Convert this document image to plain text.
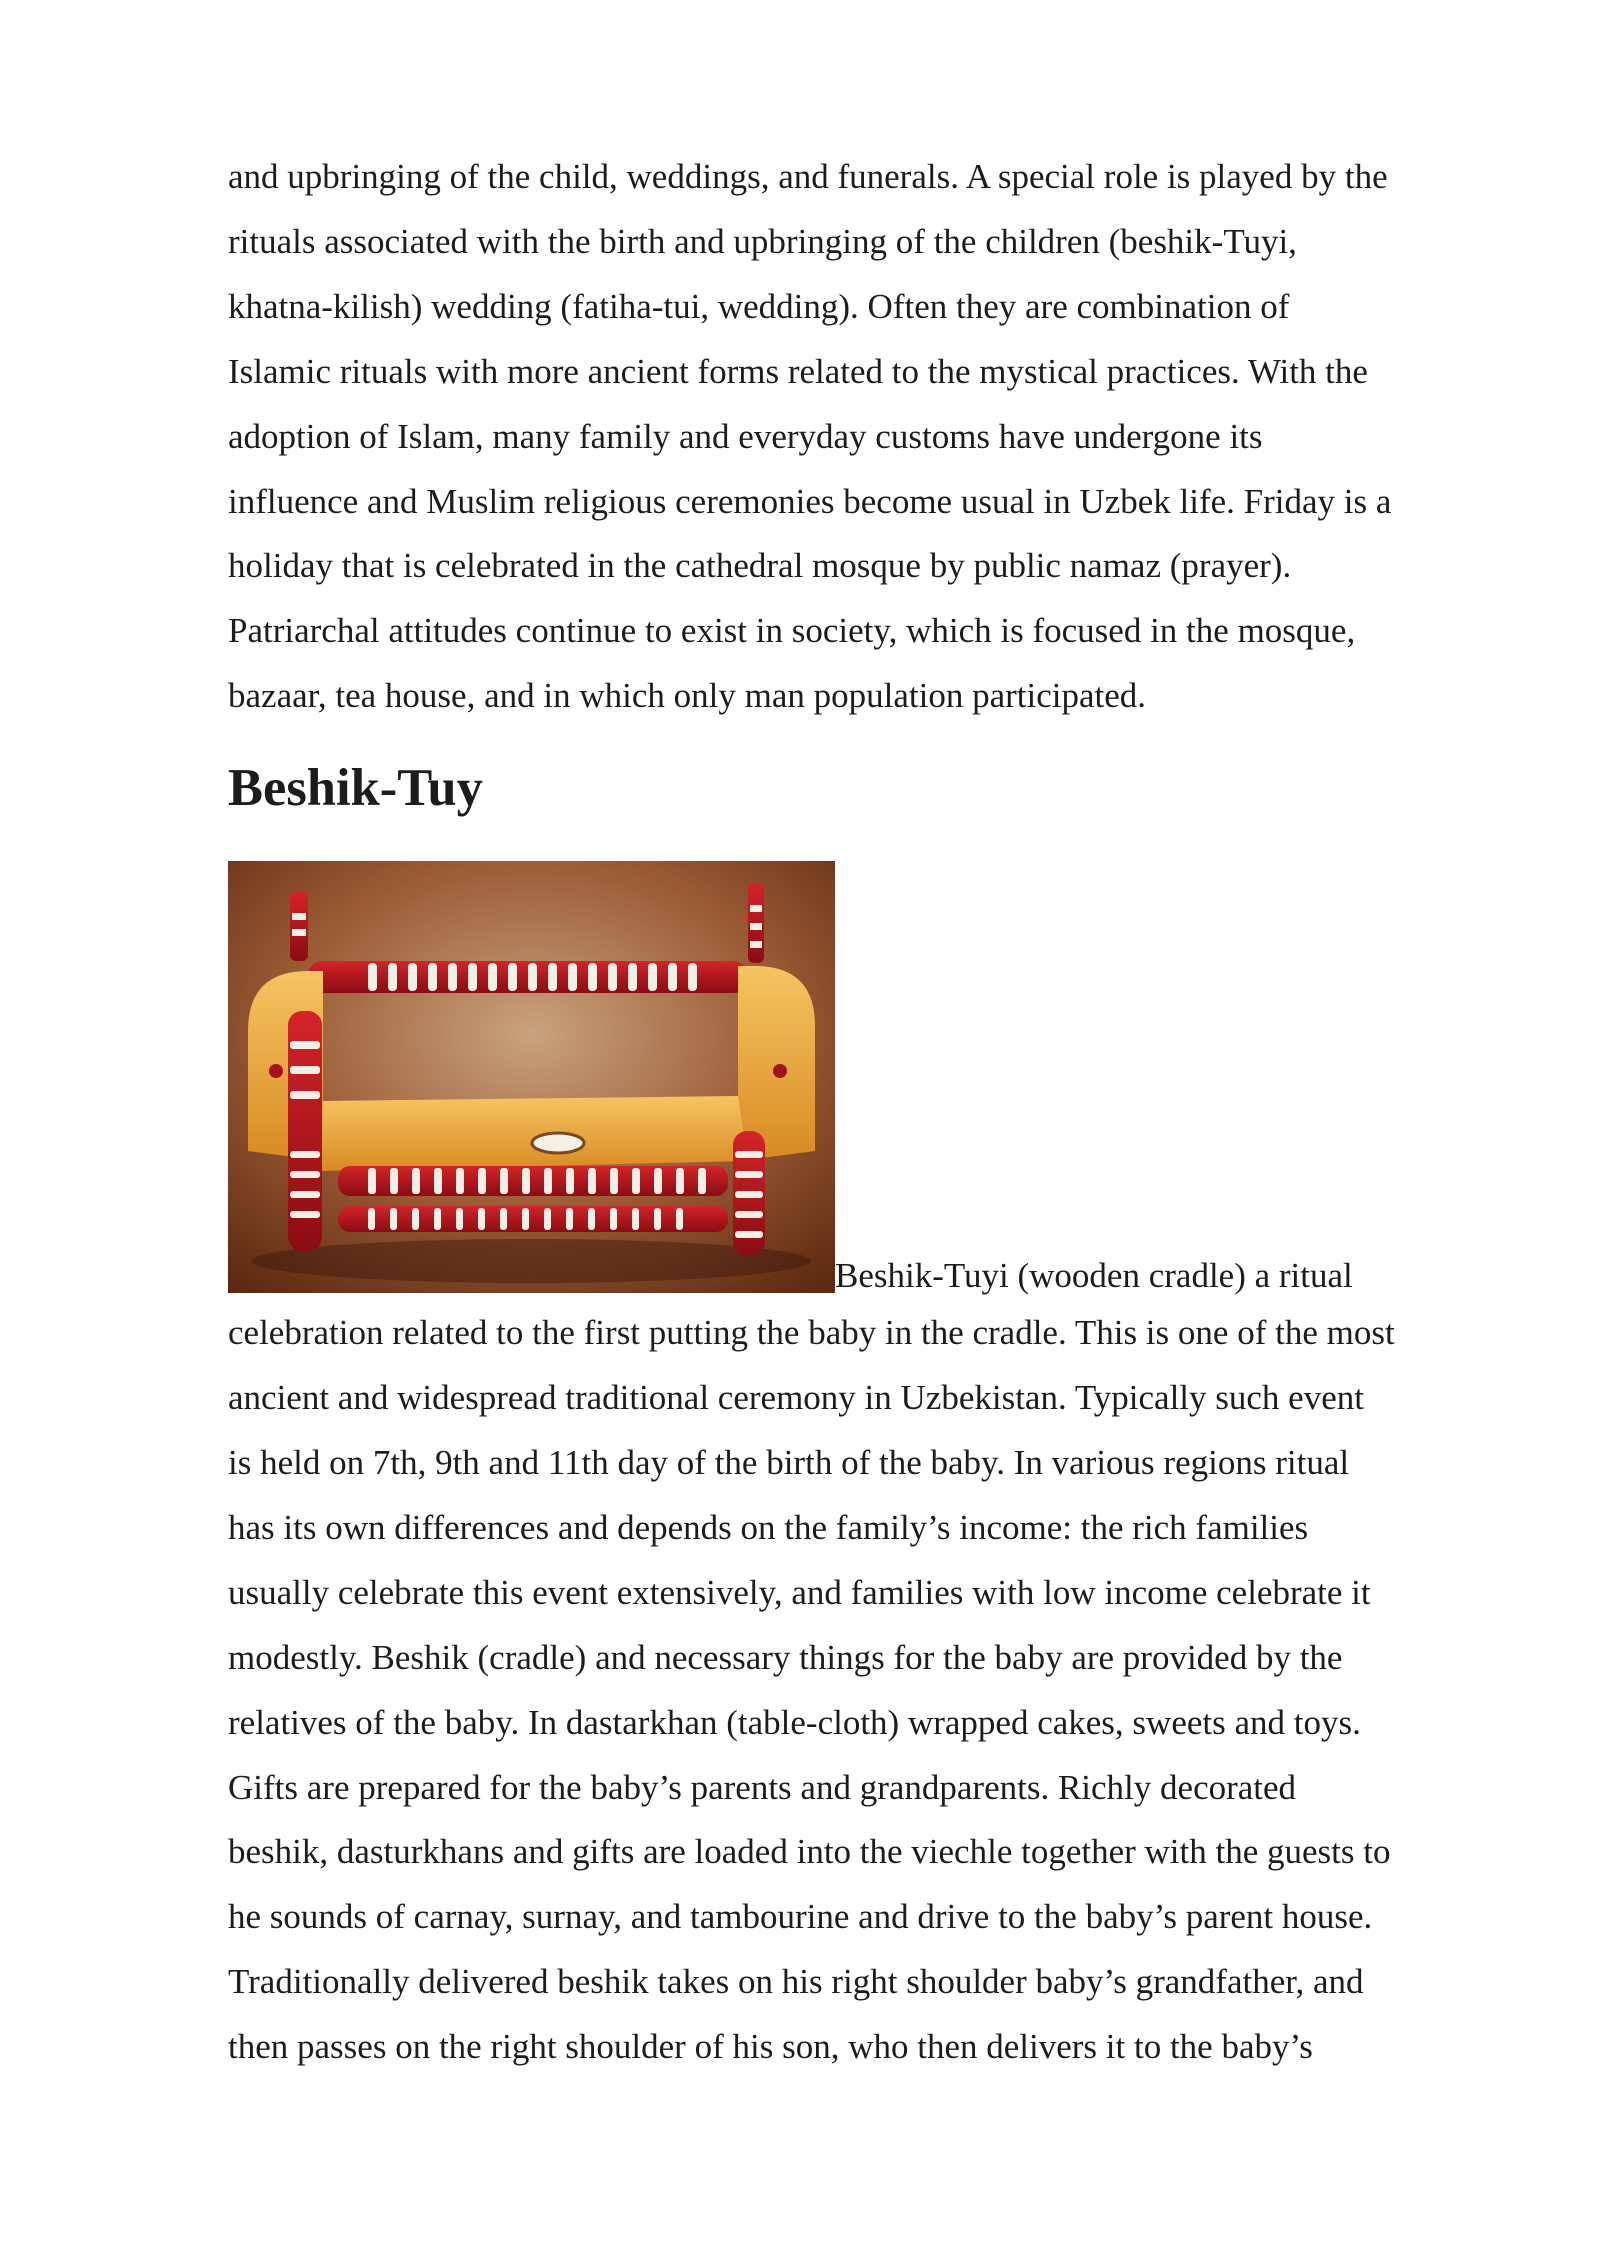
and upbringing of the child, weddings, and funerals. A special role is played by the
rituals associated with the birth and upbringing of the children (beshik-Tuyi,
khatna-kilish) wedding (fatiha-tui, wedding). Often they are combination of
Islamic rituals with more ancient forms related to the mystical practices. With the
adoption of Islam, many family and everyday customs have undergone its
influence and Muslim religious ceremonies become usual in Uzbek life. Friday is a
holiday that is celebrated in the cathedral mosque by public namaz (prayer).
Patriarchal attitudes continue to exist in society, which is focused in the mosque,
bazaar, tea house, and in which only man population participated.

Beshik-Tuy
Beshik-Tuyi (wooden cradle) a ritual

celebration related to the first putting the baby in the cradle. This is one of the most
ancient and widespread traditional ceremony in Uzbekistan. Typically such event
is held on 7th, 9th and 11th day of the birth of the baby. In various regions ritual
has its own differences and depends on the family’s income: the rich families
usually celebrate this event extensively, and families with low income celebrate it
modestly. Beshik (cradle) and necessary things for the baby are provided by the
relatives of the baby. In dastarkhan (table-cloth) wrapped cakes, sweets and toys.
Gifts are prepared for the baby’s parents and grandparents. Richly decorated
beshik, dasturkhans and gifts are loaded into the viechle together with the guests to
he sounds of carnay, surnay, and tambourine and drive to the baby’s parent house.
Traditionally delivered beshik takes on his right shoulder baby’s grandfather, and
then passes on the right shoulder of his son, who then delivers it to the baby’s
